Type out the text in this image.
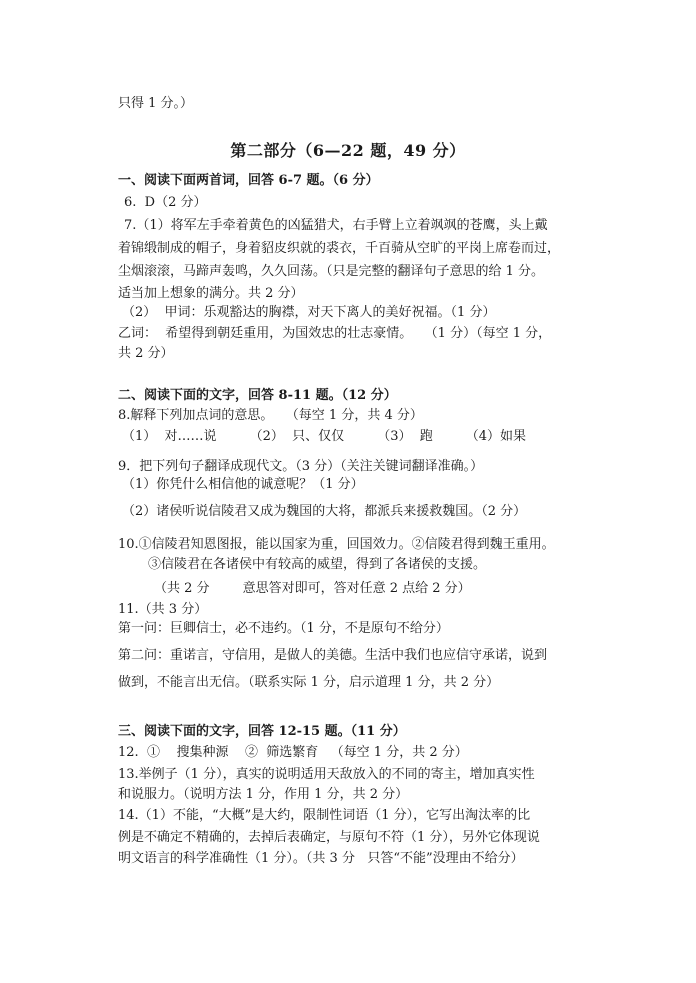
只得 1 分。）
第二部分（6—22 题，49 分）
一、阅读下面两首词，回答 6-7 题。（6 分）
6.  D（2 分）
7.（1）将军左手牵着黄色的凶猛猎犬，右手臂上立着飒飒的苍鹰，头上戴
着锦缎制成的帽子，身着貂皮织就的裘衣，千百骑从空旷的平岗上席卷而过，
尘烟滚滚，马蹄声轰鸣，久久回荡。（只是完整的翻译句子意思的给 1 分。
适当加上想象的满分。共 2 分）
（2）  甲词：乐观豁达的胸襟，对天下离人的美好祝福。（1 分）
乙词：  希望得到朝廷重用，为国效忠的壮志豪情。   （1 分）（每空 1 分，
共 2 分）
二、阅读下面的文字，回答 8-11 题。（12 分）
8.解释下列加点词的意思。   （每空 1 分，共 4 分）
（1）  对……说        （2）  只、仅仅        （3）  跑        （4）如果
9．把下列句子翻译成现代文。（3 分）（关注关键词翻译准确。）
（1）你凭什么相信他的诚意呢？（1 分）
（2）诸侯听说信陵君又成为魏国的大将，都派兵来援救魏国。（2 分）
10.①信陵君知恩图报，能以国家为重，回国效力。②信陵君得到魏王重用。
③信陵君在各诸侯中有较高的威望，得到了各诸侯的支援。
（共 2 分        意思答对即可，答对任意 2 点给 2 分）
11.（共 3 分）
第一问：巨卿信士，必不违约。（1 分，不是原句不给分）
第二问：重诺言，守信用，是做人的美德。生活中我们也应信守承诺，说到
做到，不能言出无信。（联系实际 1 分，启示道理 1 分，共 2 分）
三、阅读下面的文字，回答 12-15 题。（11 分）
12.  ①    搜集种源    ②  筛选繁育   （每空 1 分，共 2 分）
13.举例子（1 分），真实的说明适用天敌放入的不同的寄主，增加真实性
和说服力。（说明方法 1 分，作用 1 分，共 2 分）
14.（1）不能，“大概”是大约，限制性词语（1 分），它写出淘汰率的比
例是不确定不精确的，去掉后表确定，与原句不符（1 分），另外它体现说
明文语言的科学准确性（1 分）。（共 3 分   只答“不能”没理由不给分）
